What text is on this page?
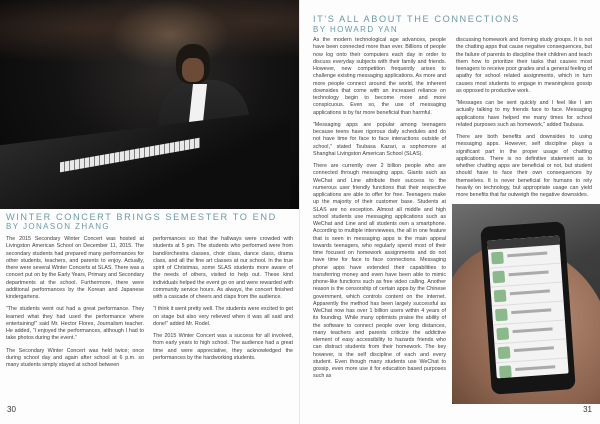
WINTER CONCERT BRINGS SEMESTER TO END
BY JONASON ZHANG

The 2015 Secondary Winter Concert was hosted at Livingston American School on December 11, 2015. The secondary students had prepared many performances for other students, teachers, and parents to enjoy. Actually, there were several Winter Concerts at SLAS. There was a concert put on by the Early Years, Primary and Secondary departments at the school. Furthermore, there were additional performances by the Korean and Japanese kindergartens.

“The students went out had a great performance. They learned what they had used the performance where entertaining!” said Mr. Hector Flores, Journalism teacher. He added, “I enjoyed the performances, although I had to take photos during the event.”

The Secondary Winter Concert was held twice; once during school day and again after school at 6 p.m. so many students simply stayed at school between

performances so that the hallways were crowded with students at 5 pm. The students who performed were from band/orchestra classes, choir class, dance class, drama class, and all the fine art classes at our school. In the true spirit of Christmas, some SLAS students more aware of the needs of others, visited to help out. These kind individuals helped the event go on and were rewarded with community service hours. As always, the concert finished with a cascade of cheers and claps from the audience.

“I think it went pretty well. The students were excited to get on stage but also very relieved when it was all said and done!” added Mr. Rodel.

The 2015 Winter Concert was a success for all involved, from early years to high school. The audience had a great time and were appreciative, they acknowledged the performances by the hardworking students.

30
IT'S ALL ABOUT THE CONNECTIONS
BY HOWARD YAN

As the modern technological age advances, people have been connected more than ever. Billions of people now log onto their computers each day in order to discuss everyday subjects with their family and friends. However, new competition frequently arises to challenge existing messaging applications. As more and more people connect around the world, the inherent downsides that come with an increased reliance on technology begin to become more and more conspicuous. Even so, the use of messaging applications is by far more beneficial than harmful.

“Messaging apps are popular among teenagers because teens have rigorous daily schedules and do not have time for face to face interactions outside of school,” stated Tsubasa Kazari, a sophomore at Shanghai Livingston American School (SLAS).

There are currently over 2 billion people who are connected through messaging apps. Giants such as WeChat and Line attribute their success to the numerous user friendly functions that their respective applications are able to offer for free. Teenagers make up the majority of their customer base. Students at SLAS are no exception. Almost all middle and high school students use messaging applications such as WeChat and Line and all students own a smartphone. According to multiple interviewees, the all in one feature that is seen in messaging apps is the main appeal towards teenagers, who regularly spend most of their time focused on homework assignments and do not have time for face to face connections. Messaging phone apps have extended their capabilities to transferring money and even have been able to mimic phone-like functions such as free video calling. Another reason is the censorship of certain apps by the Chinese government, which controls content on the internet. Apparently the method has been largely successful as WeChat now has over 1 billion users within 4 years of its founding. While many optimists praise the ability of the software to connect people over long distances, many teachers and parents criticize the addictive element of easy accessibility to hazards friends who can distract students from their homework. The key however, is the self discipline of each and every student. Even though many students use WeChat to gossip, even more use it for education based purposes such as

discussing homework and forming study groups. It is not the chatting apps that cause negative consequences, but the failure of parents to discipline their children and teach them how to prioritize their tasks that causes most teenagers to receive poor grades and a general feeling of apathy for school related assignments, which in turn causes most students to engage in meaningless gossip as opposed to productive work.

“Messages can be sent quickly and I feel like I am actually talking to my friends face to face. Messaging applications have helped me many times for school related purposes such as homework,” added Tsubasa.

There are both benefits and downsides to using messaging apps. However, self discipline plays a significant part in the proper usage of chatting applications. There is no definitive statement as to whether chatting apps are beneficial or not, but student should have to face their own consequences by themselves. It is never beneficial for humans to rely heavily on technology, but appropriate usage can yield more benefits that far outweigh the negative downsides.

31
